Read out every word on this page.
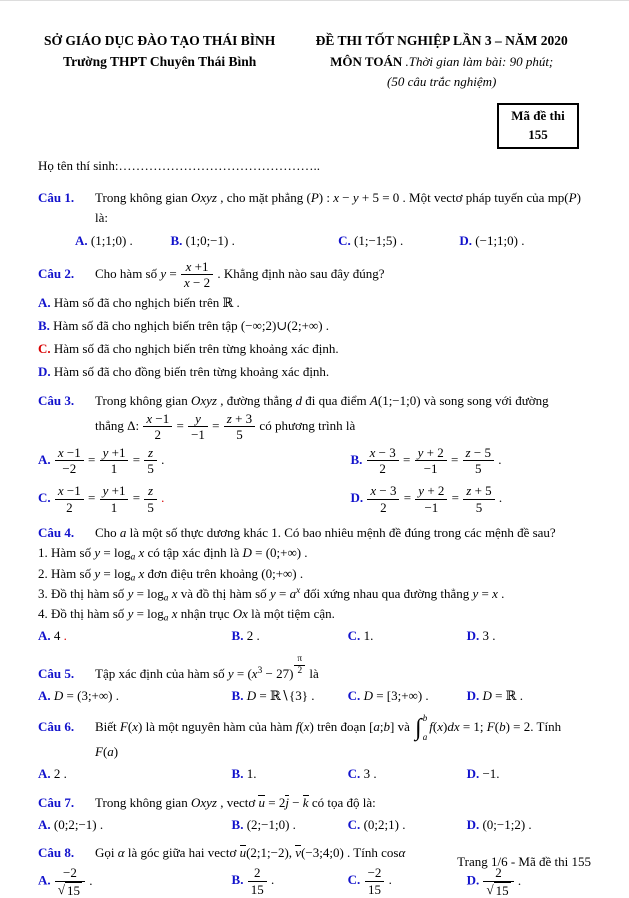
SỞ GIÁO DỤC ĐÀO TẠO THÁI BÌNH
Trường THPT Chuyên Thái Bình
ĐỀ THI TỐT NGHIỆP LẦN 3 – NĂM 2020
MÔN TOÁN .Thời gian làm bài: 90 phút;
(50 câu trắc nghiệm)
Mã đề thi
155
Họ tên thí sinh:………………………………………..
Câu 1.	Trong không gian Oxyz , cho mặt phẳng (P) : x − y + 5 = 0 . Một vectơ pháp tuyến của mp(P)
là:
A. (1;1;0) .	B. (1;0;−1) .	C. (1;−1;5) .	D. (−1;1;0) .
Câu 2.	Cho hàm số $y = \frac{x +1}{x - 2}$ . Khẳng định nào sau đây đúng?
A. Hàm số đã cho nghịch biến trên ℝ .
B. Hàm số đã cho nghịch biến trên tập (−∞;2)∪(2;+∞) .
C. Hàm số đã cho nghịch biến trên từng khoảng xác định.
D. Hàm số đã cho đồng biến trên từng khoảng xác định.
Câu 3.	Trong không gian Oxyz , đường thẳng d đi qua điểm A(1;−1;0) và song song với đường
thẳng Δ: $\frac{x -1}{2} = \frac{y}{-1} = \frac{z + 3}{5}$ có phương trình là
A. $\frac{x -1}{-2} = \frac{y +1}{1} = \frac{z}{5}$ .	B. $\frac{x - 3}{2} = \frac{y + 2}{-1} = \frac{z - 5}{5}$ .
C. $\frac{x -1}{2} = \frac{y +1}{1} = \frac{z}{5}$ .	D. $\frac{x - 3}{2} = \frac{y + 2}{-1} = \frac{z + 5}{5}$ .
Câu 4.	Cho a là một số thực dương khác 1. Có bao nhiêu mệnh đề đúng trong các mệnh đề sau?
1. Hàm số $y = \log_a x$ có tập xác định là D = (0;+∞) .
2. Hàm số $y = \log_a x$ đơn điệu trên khoảng (0;+∞) .
3. Đồ thị hàm số $y = \log_a x$ và đồ thị hàm số $y = a^x$ đối xứng nhau qua đường thẳng y = x .
4. Đồ thị hàm số $y = \log_a x$ nhận trục Ox là một tiệm cận.
A. 4 .	B. 2 .	C. 1.	D. 3 .
Câu 5.	Tập xác định của hàm số $y = (x^3 - 27)$ $^{\frac{\pi}{2}}$ là
A. D = (3;+∞) .	B. D = ℝ∖{3} .	C. D = [3;+∞) .	D. D = ℝ .
Câu 6.	Biết F(x) là một nguyên hàm của hàm f(x) trên đoạn [a;b] và ∫ b
a
f(x)dx = 1; F(b) = 2. Tính
F(a)
A. 2 .	B. 1.	C. 3 .	D. −1.
Câu 7.	Trong không gian Oxyz , vectơ u = 2j − k có tọa độ là:
A. (0;2;−1) .	B. (2;−1;0) .	C. (0;2;1) .	D. (0;−1;2) .
Câu 8.	Gọi α là góc giữa hai vectơ u(2;1;−2), v(−3;4;0) . Tính cosα
A. $\frac{-2}{√ 15}$ .	B. $\frac{2}{15}$ .	C. $\frac{-2}{15}$ .	D. $\frac{2}{√ 15}$ .
Trang 1/6 - Mã đề thi 155
